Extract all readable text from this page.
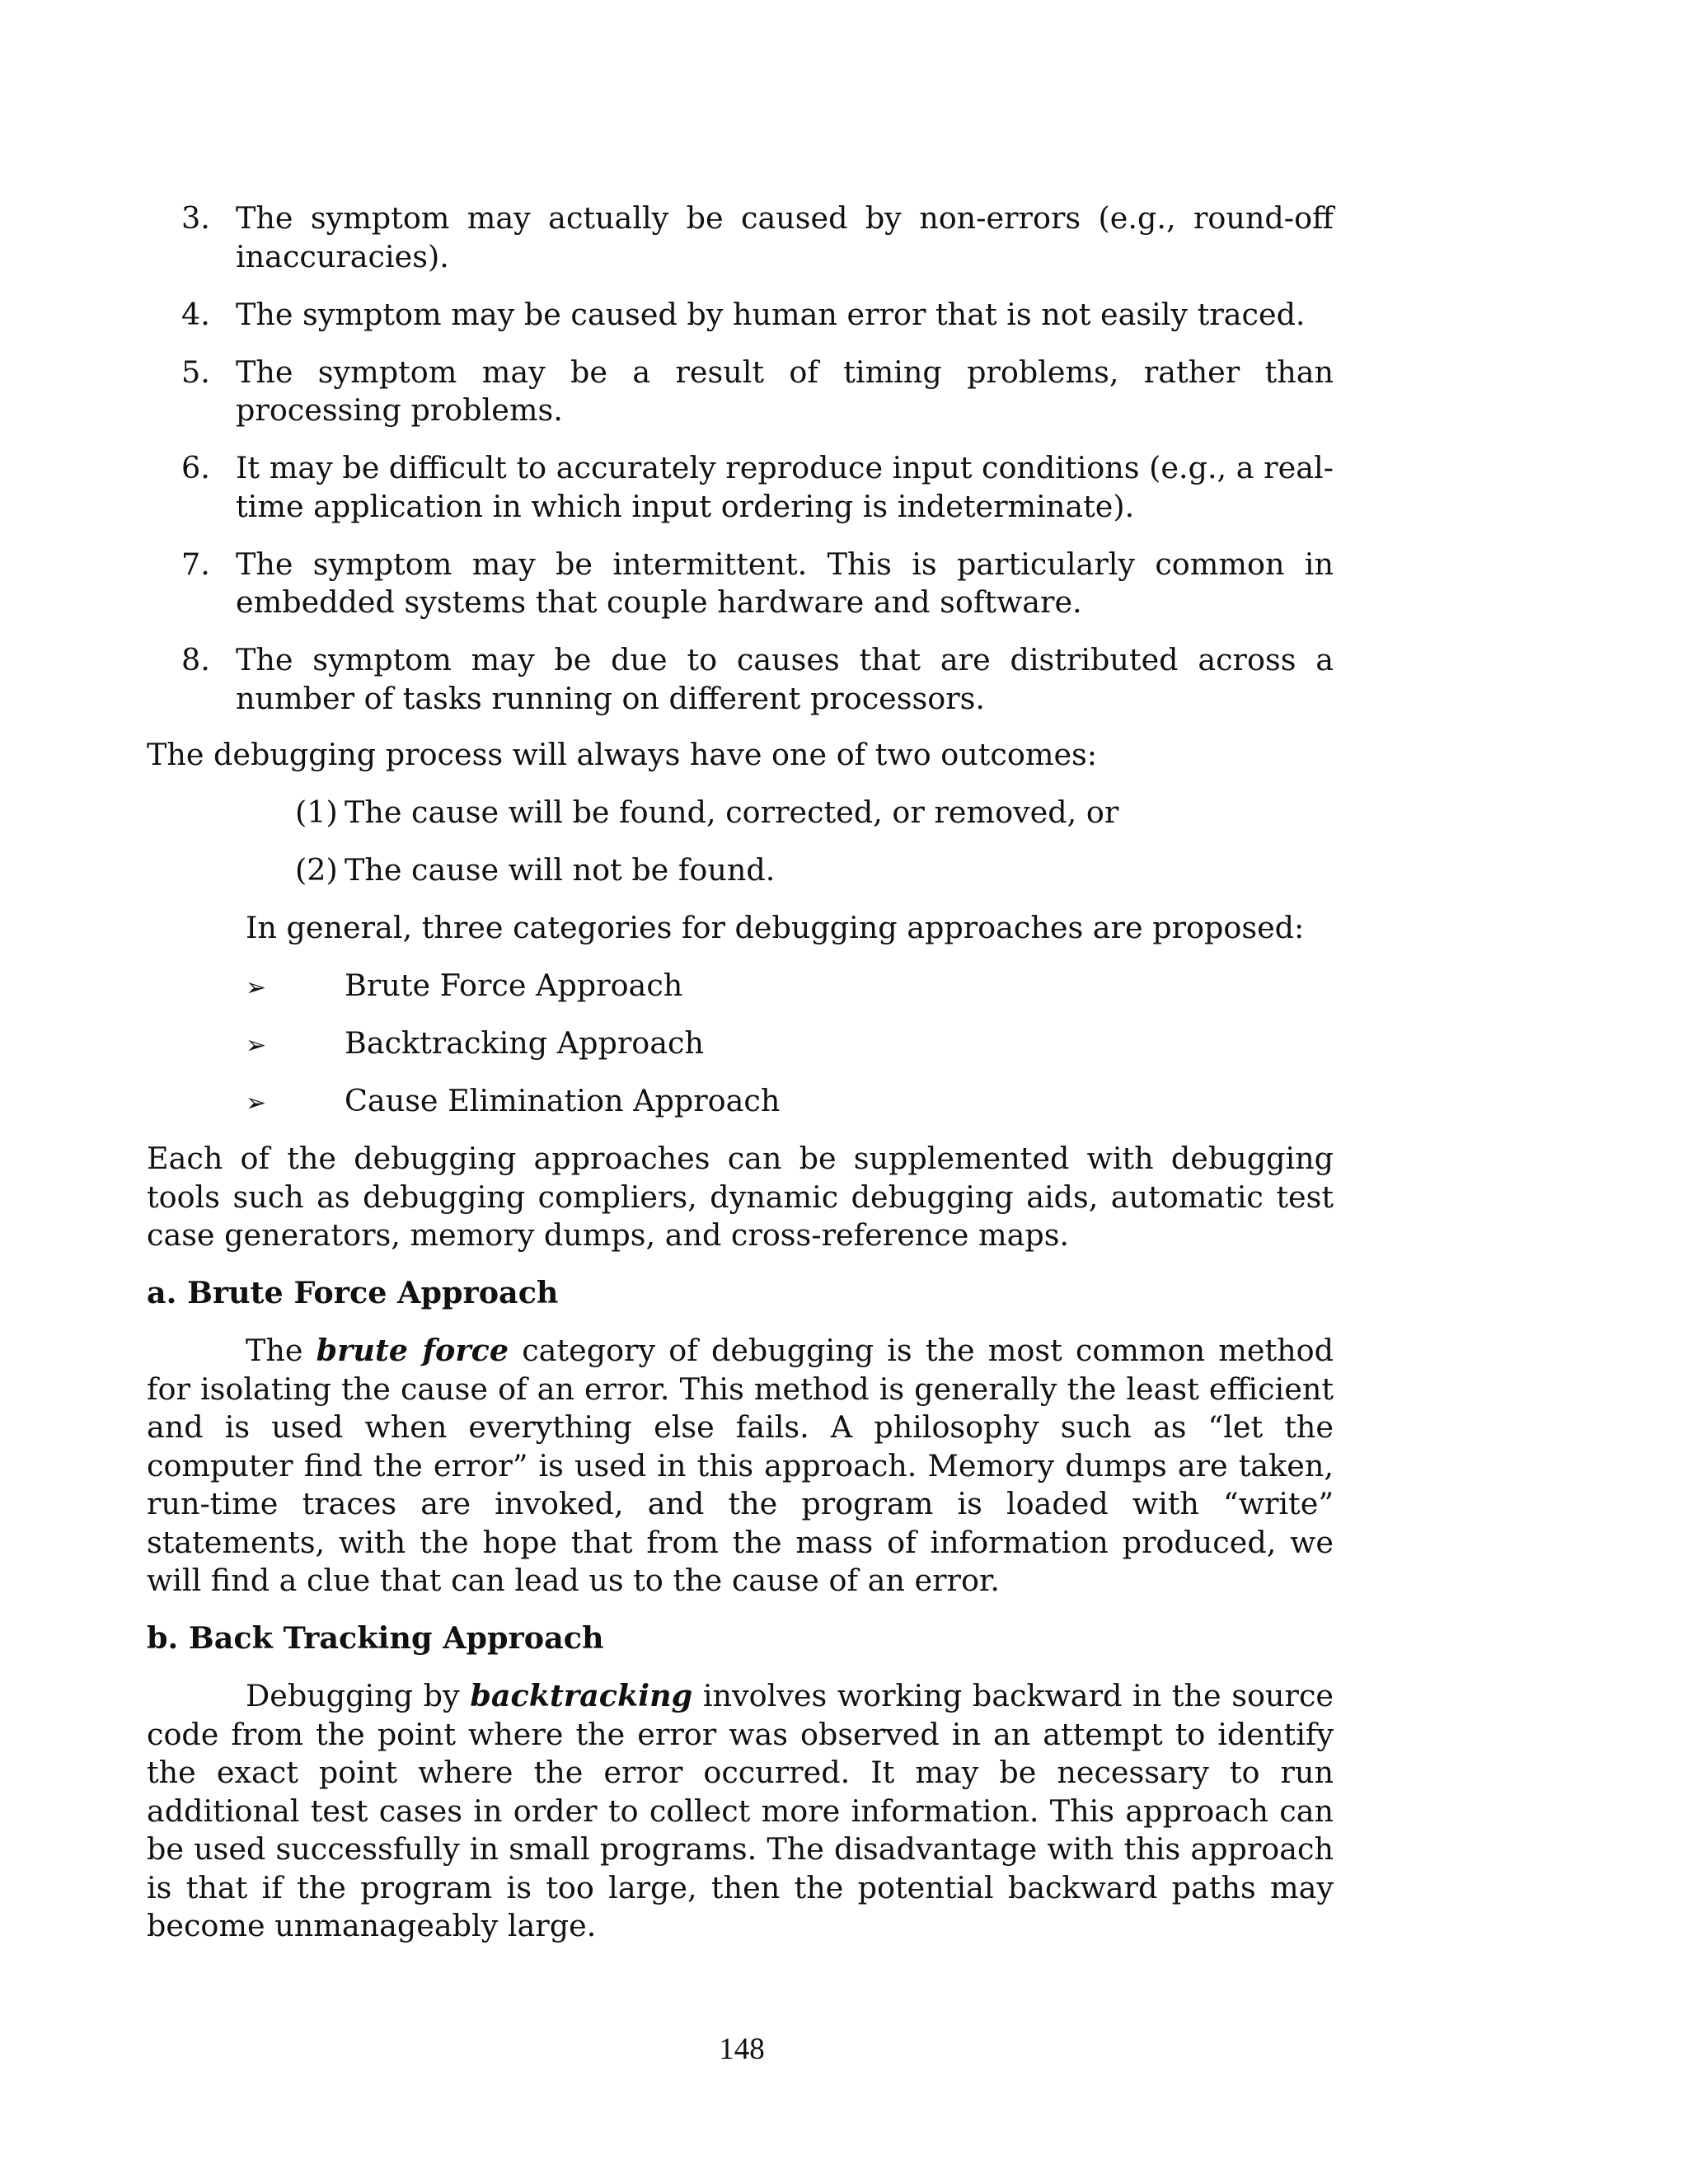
3. The symptom may actually be caused by non-errors (e.g., round-off inaccuracies).
4. The symptom may be caused by human error that is not easily traced.
5. The symptom may be a result of timing problems, rather than processing problems.
6. It may be difficult to accurately reproduce input conditions (e.g., a real-time application in which input ordering is indeterminate).
7. The symptom may be intermittent. This is particularly common in embedded systems that couple hardware and software.
8. The symptom may be due to causes that are distributed across a number of tasks running on different processors.
The debugging process will always have one of two outcomes:
(1) The cause will be found, corrected, or removed, or
(2) The cause will not be found.
In general, three categories for debugging approaches are proposed:
➢	Brute Force Approach
➢	Backtracking Approach
➢	Cause Elimination Approach
Each of the debugging approaches can be supplemented with debugging tools such as debugging compliers, dynamic debugging aids, automatic test case generators, memory dumps, and cross-reference maps.
a. Brute Force Approach
The brute force category of debugging is the most common method for isolating the cause of an error. This method is generally the least efficient and is used when everything else fails. A philosophy such as “let the computer find the error” is used in this approach. Memory dumps are taken, run-time traces are invoked, and the program is loaded with “write” statements, with the hope that from the mass of information produced, we will find a clue that can lead us to the cause of an error.
b. Back Tracking Approach
Debugging by backtracking involves working backward in the source code from the point where the error was observed in an attempt to identify the exact point where the error occurred. It may be necessary to run additional test cases in order to collect more information. This approach can be used successfully in small programs. The disadvantage with this approach is that if the program is too large, then the potential backward paths may become unmanageably large.
148
